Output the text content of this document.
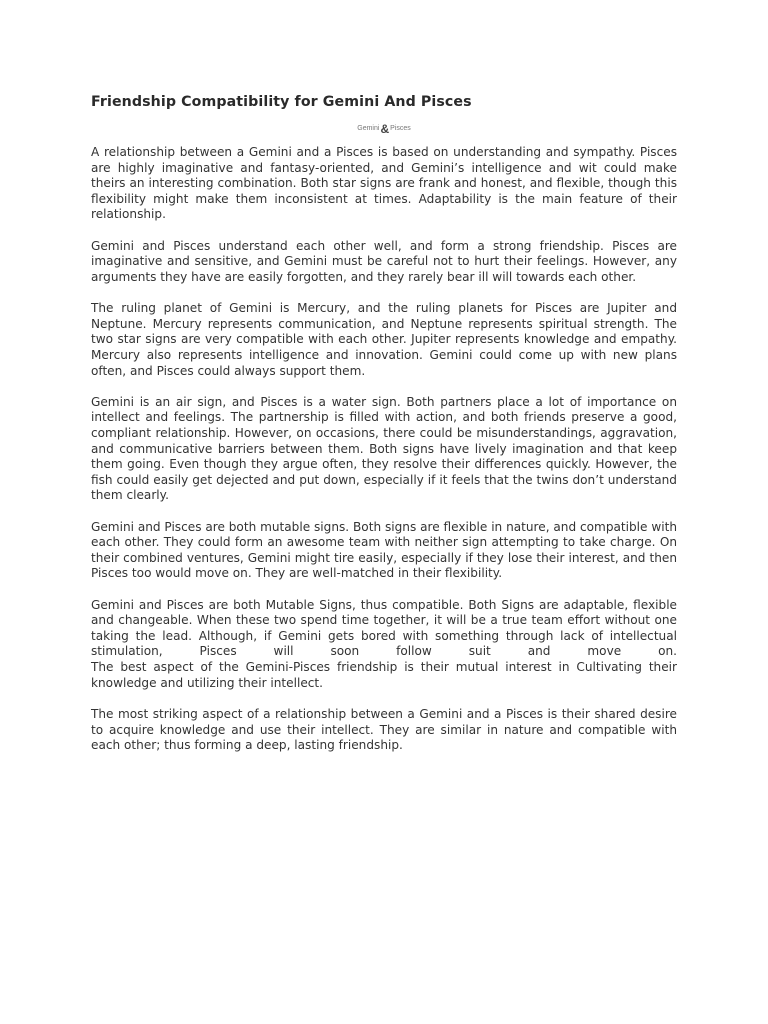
Friendship Compatibility for Gemini And Pisces
Gemini&Pisces

A relationship between a Gemini and a Pisces is based on understanding and sympathy. Pisces are highly imaginative and fantasy-oriented, and Gemini’s intelligence and wit could make theirs an interesting combination. Both star signs are frank and honest, and flexible, though this flexibility might make them inconsistent at times. Adaptability is the main feature of their relationship.

Gemini and Pisces understand each other well, and form a strong friendship. Pisces are imaginative and sensitive, and Gemini must be careful not to hurt their feelings. However, any arguments they have are easily forgotten, and they rarely bear ill will towards each other.

The ruling planet of Gemini is Mercury, and the ruling planets for Pisces are Jupiter and Neptune. Mercury represents communication, and Neptune represents spiritual strength. The two star signs are very compatible with each other. Jupiter represents knowledge and empathy. Mercury also represents intelligence and innovation. Gemini could come up with new plans often, and Pisces could always support them.

Gemini is an air sign, and Pisces is a water sign. Both partners place a lot of importance on intellect and feelings. The partnership is filled with action, and both friends preserve a good, compliant relationship. However, on occasions, there could be misunderstandings, aggravation, and communicative barriers between them. Both signs have lively imagination and that keep them going. Even though they argue often, they resolve their differences quickly. However, the fish could easily get dejected and put down, especially if it feels that the twins don’t understand them clearly.

Gemini and Pisces are both mutable signs. Both signs are flexible in nature, and compatible with each other. They could form an awesome team with neither sign attempting to take charge. On their combined ventures, Gemini might tire easily, especially if they lose their interest, and then Pisces too would move on. They are well-matched in their flexibility.

Gemini and Pisces are both Mutable Signs, thus compatible. Both Signs are adaptable, flexible and changeable. When these two spend time together, it will be a true team effort without one taking the lead. Although, if Gemini gets bored with something through lack of intellectual stimulation, Pisces will soon follow suit and move on.
The best aspect of the Gemini-Pisces friendship is their mutual interest in Cultivating their knowledge and utilizing their intellect.

The most striking aspect of a relationship between a Gemini and a Pisces is their shared desire to acquire knowledge and use their intellect. They are similar in nature and compatible with each other; thus forming a deep, lasting friendship.
